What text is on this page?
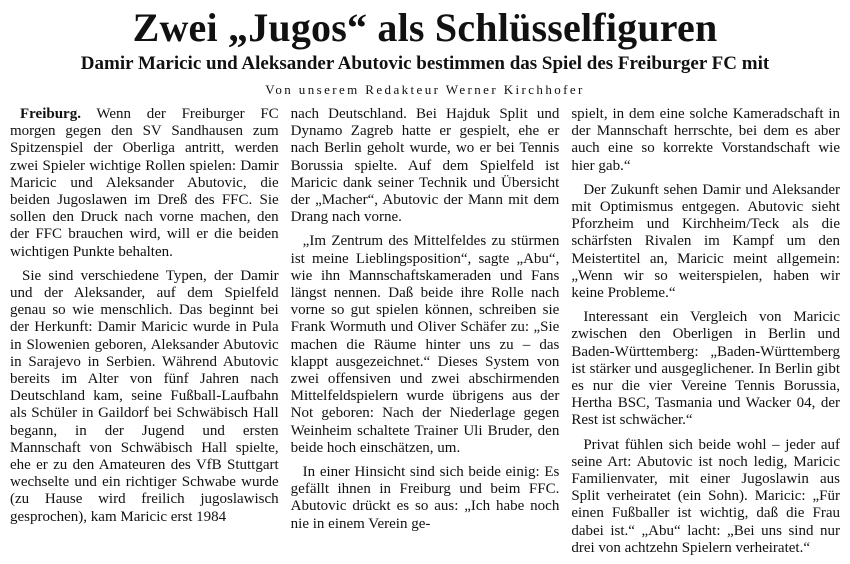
Zwei „Jugos“ als Schlüsselfiguren
Damir Maricic und Aleksander Abutovic bestimmen das Spiel des Freiburger FC mit
Von unserem Redakteur Werner Kirchhofer

Freiburg. Wenn der Freiburger FC morgen gegen den SV Sandhausen zum Spitzenspiel der Oberliga antritt, werden zwei Spieler wichtige Rollen spielen: Damir Maricic und Aleksander Abutovic, die beiden Jugoslawen im Dreß des FFC. Sie sollen den Druck nach vorne machen, den der FFC brauchen wird, will er die beiden wichtigen Punkte behalten.

Sie sind verschiedene Typen, der Damir und der Aleksander, auf dem Spielfeld genau so wie menschlich. Das beginnt bei der Herkunft: Damir Maricic wurde in Pula in Slowenien geboren, Aleksander Abutovic in Sarajevo in Serbien. Während Abutovic bereits im Alter von fünf Jahren nach Deutschland kam, seine Fußball-Laufbahn als Schüler in Gaildorf bei Schwäbisch Hall begann, in der Jugend und ersten Mannschaft von Schwäbisch Hall spielte, ehe er zu den Amateuren des VfB Stuttgart wechselte und ein richtiger Schwabe wurde (zu Hause wird freilich jugoslawisch gesprochen), kam Maricic erst 1984

nach Deutschland. Bei Hajduk Split und Dynamo Zagreb hatte er gespielt, ehe er nach Berlin geholt wurde, wo er bei Tennis Borussia spielte. Auf dem Spielfeld ist Maricic dank seiner Technik und Übersicht der „Macher“, Abutovic der Mann mit dem Drang nach vorne.

„Im Zentrum des Mittelfeldes zu stürmen ist meine Lieblingsposition“, sagte „Abu“, wie ihn Mannschaftskameraden und Fans längst nennen. Daß beide ihre Rolle nach vorne so gut spielen können, schreiben sie Frank Wormuth und Oliver Schäfer zu: „Sie machen die Räume hinter uns zu – das klappt ausgezeichnet.“ Dieses System von zwei offensiven und zwei abschirmenden Mittelfeldspielern wurde übrigens aus der Not geboren: Nach der Niederlage gegen Weinheim schaltete Trainer Uli Bruder, den beide hoch einschätzen, um.

In einer Hinsicht sind sich beide einig: Es gefällt ihnen in Freiburg und beim FFC. Abutovic drückt es so aus: „Ich habe noch nie in einem Verein ge-

spielt, in dem eine solche Kameradschaft in der Mannschaft herrschte, bei dem es aber auch eine so korrekte Vorstandschaft wie hier gab.“

Der Zukunft sehen Damir und Aleksander mit Optimismus entgegen. Abutovic sieht Pforzheim und Kirchheim/Teck als die schärfsten Rivalen im Kampf um den Meistertitel an, Maricic meint allgemein: „Wenn wir so weiterspielen, haben wir keine Probleme.“

Interessant ein Vergleich von Maricic zwischen den Oberligen in Berlin und Baden-Württemberg: „Baden-Württemberg ist stärker und ausgeglichener. In Berlin gibt es nur die vier Vereine Tennis Borussia, Hertha BSC, Tasmania und Wacker 04, der Rest ist schwächer.“

Privat fühlen sich beide wohl – jeder auf seine Art: Abutovic ist noch ledig, Maricic Familienvater, mit einer Jugoslawin aus Split verheiratet (ein Sohn). Maricic: „Für einen Fußballer ist wichtig, daß die Frau dabei ist.“ „Abu“ lacht: „Bei uns sind nur drei von achtzehn Spielern verheiratet.“
